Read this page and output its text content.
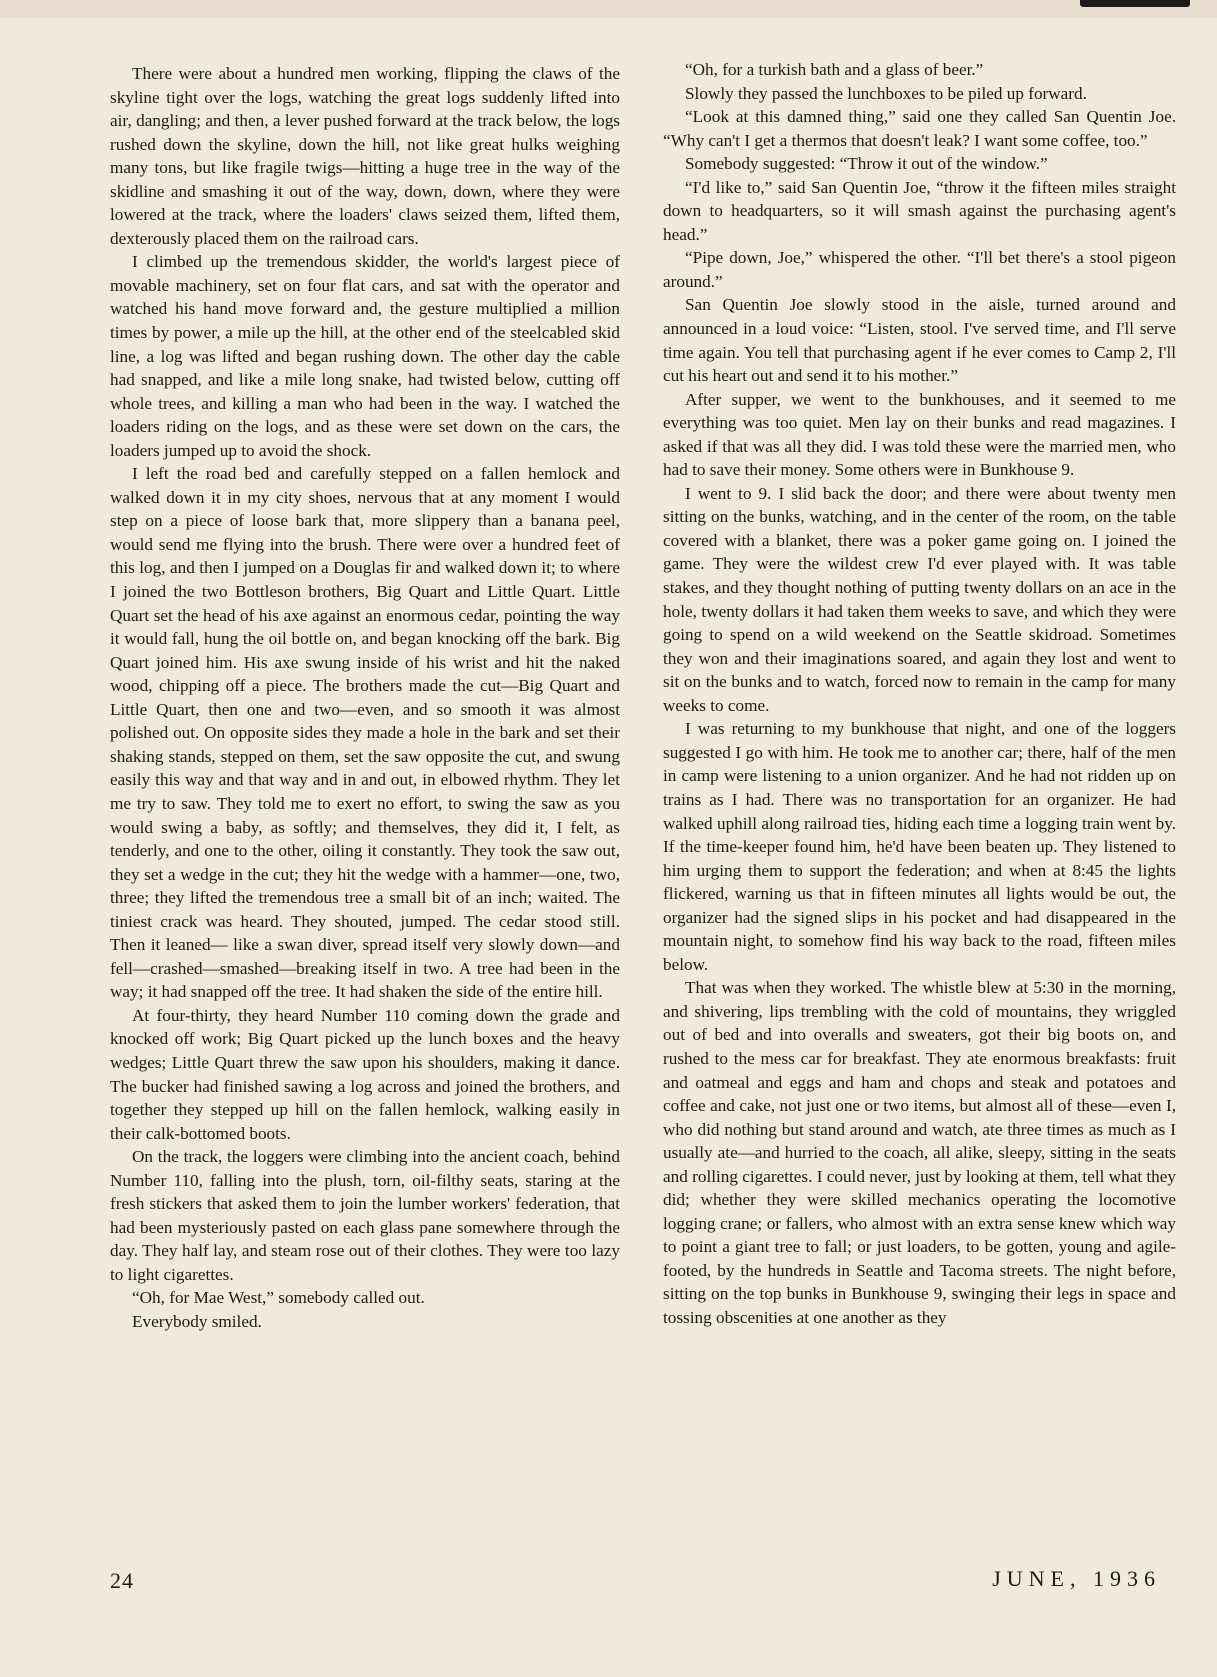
There were about a hundred men working, flipping the claws of the skyline tight over the logs, watching the great logs suddenly lifted into air, dangling; and then, a lever pushed forward at the track below, the logs rushed down the skyline, down the hill, not like great hulks weighing many tons, but like fragile twigs—hitting a huge tree in the way of the skidline and smashing it out of the way, down, down, where they were lowered at the track, where the loaders' claws seized them, lifted them, dexterously placed them on the railroad cars.

I climbed up the tremendous skidder, the world's largest piece of movable machinery, set on four flat cars, and sat with the operator and watched his hand move forward and, the gesture multiplied a million times by power, a mile up the hill, at the other end of the steelcabled skid line, a log was lifted and began rushing down. The other day the cable had snapped, and like a mile long snake, had twisted below, cutting off whole trees, and killing a man who had been in the way. I watched the loaders riding on the logs, and as these were set down on the cars, the loaders jumped up to avoid the shock.

I left the road bed and carefully stepped on a fallen hemlock and walked down it in my city shoes, nervous that at any moment I would step on a piece of loose bark that, more slippery than a banana peel, would send me flying into the brush. There were over a hundred feet of this log, and then I jumped on a Douglas fir and walked down it; to where I joined the two Bottleson brothers, Big Quart and Little Quart. Little Quart set the head of his axe against an enormous cedar, pointing the way it would fall, hung the oil bottle on, and began knocking off the bark. Big Quart joined him. His axe swung inside of his wrist and hit the naked wood, chipping off a piece. The brothers made the cut—Big Quart and Little Quart, then one and two—even, and so smooth it was almost polished out. On opposite sides they made a hole in the bark and set their shaking stands, stepped on them, set the saw opposite the cut, and swung easily this way and that way and in and out, in elbowed rhythm. They let me try to saw. They told me to exert no effort, to swing the saw as you would swing a baby, as softly; and themselves, they did it, I felt, as tenderly, and one to the other, oiling it constantly. They took the saw out, they set a wedge in the cut; they hit the wedge with a hammer—one, two, three; they lifted the tremendous tree a small bit of an inch; waited. The tiniest crack was heard. They shouted, jumped. The cedar stood still. Then it leaned— like a swan diver, spread itself very slowly down—and fell—crashed—smashed—breaking itself in two. A tree had been in the way; it had snapped off the tree. It had shaken the side of the entire hill.

At four-thirty, they heard Number 110 coming down the grade and knocked off work; Big Quart picked up the lunch boxes and the heavy wedges; Little Quart threw the saw upon his shoulders, making it dance. The bucker had finished sawing a log across and joined the brothers, and together they stepped up hill on the fallen hemlock, walking easily in their calk-bottomed boots.

On the track, the loggers were climbing into the ancient coach, behind Number 110, falling into the plush, torn, oil-filthy seats, staring at the fresh stickers that asked them to join the lumber workers' federation, that had been mysteriously pasted on each glass pane somewhere through the day. They half lay, and steam rose out of their clothes. They were too lazy to light cigarettes.

“Oh, for Mae West,” somebody called out.

Everybody smiled.

“Oh, for a turkish bath and a glass of beer.”

Slowly they passed the lunchboxes to be piled up forward.

“Look at this damned thing,” said one they called San Quentin Joe. “Why can't I get a thermos that doesn't leak? I want some coffee, too.”

Somebody suggested: “Throw it out of the window.”

“I'd like to,” said San Quentin Joe, “throw it the fifteen miles straight down to headquarters, so it will smash against the purchasing agent's head.”

“Pipe down, Joe,” whispered the other. “I'll bet there's a stool pigeon around.”

San Quentin Joe slowly stood in the aisle, turned around and announced in a loud voice: “Listen, stool. I've served time, and I'll serve time again. You tell that purchasing agent if he ever comes to Camp 2, I'll cut his heart out and send it to his mother.”

After supper, we went to the bunkhouses, and it seemed to me everything was too quiet. Men lay on their bunks and read magazines. I asked if that was all they did. I was told these were the married men, who had to save their money. Some others were in Bunkhouse 9.

I went to 9. I slid back the door; and there were about twenty men sitting on the bunks, watching, and in the center of the room, on the table covered with a blanket, there was a poker game going on. I joined the game. They were the wildest crew I'd ever played with. It was table stakes, and they thought nothing of putting twenty dollars on an ace in the hole, twenty dollars it had taken them weeks to save, and which they were going to spend on a wild weekend on the Seattle skidroad. Sometimes they won and their imaginations soared, and again they lost and went to sit on the bunks and to watch, forced now to remain in the camp for many weeks to come.

I was returning to my bunkhouse that night, and one of the loggers suggested I go with him. He took me to another car; there, half of the men in camp were listening to a union organizer. And he had not ridden up on trains as I had. There was no transportation for an organizer. He had walked uphill along railroad ties, hiding each time a logging train went by. If the time-keeper found him, he'd have been beaten up. They listened to him urging them to support the federation; and when at 8:45 the lights flickered, warning us that in fifteen minutes all lights would be out, the organizer had the signed slips in his pocket and had disappeared in the mountain night, to somehow find his way back to the road, fifteen miles below.

That was when they worked. The whistle blew at 5:30 in the morning, and shivering, lips trembling with the cold of mountains, they wriggled out of bed and into overalls and sweaters, got their big boots on, and rushed to the mess car for breakfast. They ate enormous breakfasts: fruit and oatmeal and eggs and ham and chops and steak and potatoes and coffee and cake, not just one or two items, but almost all of these—even I, who did nothing but stand around and watch, ate three times as much as I usually ate—and hurried to the coach, all alike, sleepy, sitting in the seats and rolling cigarettes. I could never, just by looking at them, tell what they did; whether they were skilled mechanics operating the locomotive logging crane; or fallers, who almost with an extra sense knew which way to point a giant tree to fall; or just loaders, to be gotten, young and agile-footed, by the hundreds in Seattle and Tacoma streets. The night before, sitting on the top bunks in Bunkhouse 9, swinging their legs in space and tossing obscenities at one another as they

24	JUNE, 1936
